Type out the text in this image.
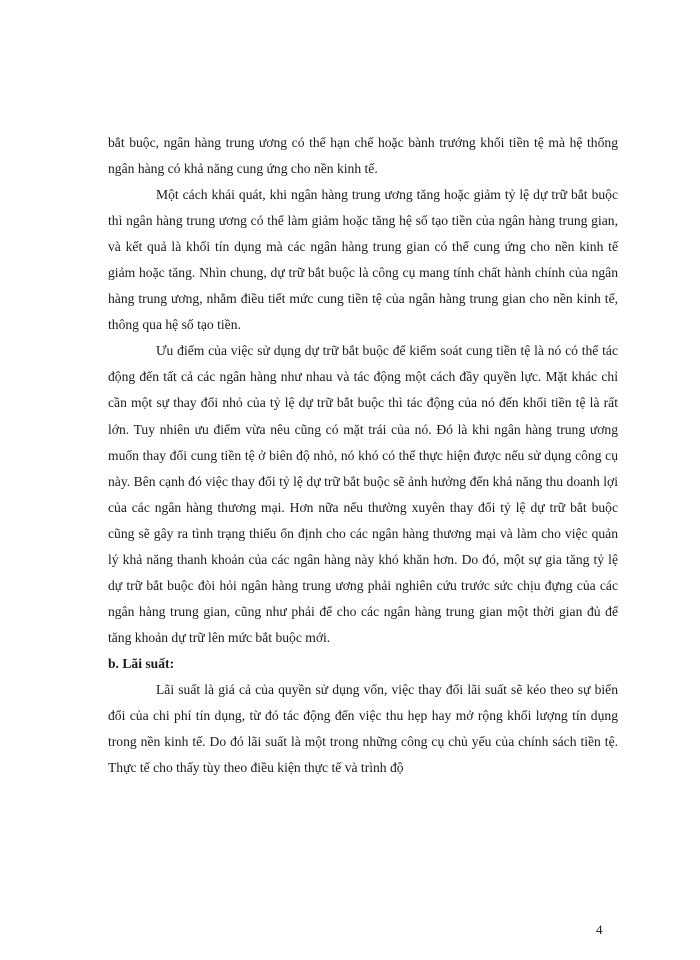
bắt buộc, ngân hàng trung ương có thể hạn chế hoặc bành trướng khối tiền tệ mà hệ thống ngân hàng có khả năng cung ứng cho nền kinh tế.

Một cách khái quát, khi ngân hàng trung ương tăng hoặc giảm tỷ lệ dự trữ bắt buộc thì ngân hàng trung ương có thể làm giảm hoặc tăng hệ số tạo tiền của ngân hàng trung gian, và kết quả là khối tín dụng mà các ngân hàng trung gian có thể cung ứng cho nền kinh tế giảm hoặc tăng. Nhìn chung, dự trữ bắt buộc là công cụ mang tính chất hành chính của ngân hàng trung ương, nhằm điều tiết mức cung tiền tệ của ngân hàng trung gian cho nền kinh tế, thông qua hệ số tạo tiền.

Ưu điểm của việc sử dụng dự trữ bắt buộc để kiểm soát cung tiền tệ là nó có thể tác động đến tất cả các ngân hàng như nhau và tác động một cách đầy quyền lực. Mặt khác chỉ cần một sự thay đổi nhỏ của tỷ lệ dự trữ bắt buộc thì tác động của nó đến khối tiền tệ là rất lớn. Tuy nhiên ưu điểm vừa nêu cũng có mặt trái của nó. Đó là khi ngân hàng trung ương muốn thay đổi cung tiền tệ ở biên độ nhỏ, nó khó có thể thực hiện được nếu sử dụng công cụ này. Bên cạnh đó việc thay đổi tỷ lệ dự trữ bắt buộc sẽ ảnh hưởng đến khả năng thu doanh lợi của các ngân hàng thương mại. Hơn nữa nếu thường xuyên thay đổi tỷ lệ dự trữ bắt buộc cũng sẽ gây ra tình trạng thiếu ổn định cho các ngân hàng thương mại và làm cho việc quản lý khả năng thanh khoản của các ngân hàng này khó khăn hơn. Do đó, một sự gia tăng tỷ lệ dự trữ bắt buộc đòi hỏi ngân hàng trung ương phải nghiên cứu trước sức chịu đựng của các ngân hàng trung gian, cũng như phải để cho các ngân hàng trung gian một thời gian đủ để tăng khoản dự trữ lên mức bắt buộc mới.

b. Lãi suất:

Lãi suất là giá cả của quyền sử dụng vốn, việc thay đổi lãi suất sẽ kéo theo sự biến đổi của chi phí tín dụng, từ đó tác động đến việc thu hẹp hay mở rộng khối lượng tín dụng trong nền kinh tế. Do đó lãi suất là một trong những công cụ chủ yếu của chính sách tiền tệ. Thực tế cho thấy tùy theo điều kiện thực tế và trình độ

4
